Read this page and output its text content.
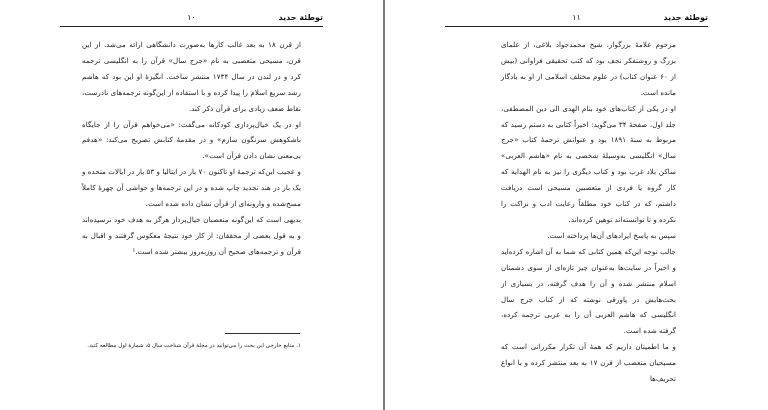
توطئة جدید
۱۰

از قرن ۱۸ به بعد غالب کارها به‌صورت دانشگاهی ارائه می‌شد. از این قرن، مسیحی متعصبی به نام «جرج سال» قرآن را به انگلیسی ترجمه کرد و در لندن در سال ۱۷۳۴ منتشر ساخت. انگیزهٔ او این بود که هاشم رشد سریع اسلام را پیدا کرده و با استفاده از این‌گونه ترجمه‌های نادرست، نقاط ضعف زیادی برای قرآن ذکر کند.

او در یک خیال‌پردازی کودکانه می‌گفت: «می‌خواهم قرآن را از جایگاه باشکوهش سرنگون سازم» و در مقدمهٔ کتابش تصریح می‌کند: «هدفم بی‌معنی نشان دادن قرآن است».

و عجیب این‌که ترجمهٔ او تاکنون ۷۰ بار در ایتالیا و ۵۳ بار در ایالات متحده و یک بار در هند تجدید چاپ شده و در این ترجمه‌ها و حواشی آن چهرهٔ کاملاً مسخ‌شده و وارونه‌ای از قرآن نشان داده شده است.

بدیهی است که این‌گونه متعصبان خیال‌پرداز هرگز به هدف خود نرسیده‌اند و به قول بعضی از محققان: از کار خود نتیجهٔ معکوس گرفتند و اقبال به قرآن و ترجمه‌های صحیح آن روزبه‌روز بیشتر شده است.¹

۱. منابع خارجی این بحث را می‌توانید در مجلهٔ قرآن شناخت سال ۵، شمارهٔ اول مطالعه کنید.
توطئة جدید
۱۱

مرحوم علامهٔ بزرگوار، شیخ محمدجواد بلاغی، از علمای بزرگ و روشنفکر نجف بود که کتب تحقیقی فراوانی (بیش از ۶۰ عنوان کتاب) در علوم مختلف اسلامی از او به یادگار مانده است.

او در یکی از کتاب‌های خود بنام الهدی الی دین المصطفی، جلد اول، صفحهٔ ۳۴ می‌گوید: اخیراً کتابی به دستم رسید که مربوط به سنهٔ ۱۸۹۱ بود و عنوانش ترجمهٔ کتاب «جرج سال» انگلیسی به‌وسیلهٔ شخصی به نام «هاشم العربی» ساکن بلاد غرب بود و کتاب دیگری را نیز به نام الهدایة که کار گروه یا فردی از متعصبین مسیحی است دریافت داشتم، که در کتاب خود مطلقاً رعایت ادب و نزاکت را نکرده و تا توانسته‌اند توهین کرده‌اند.

سپس به پاسخ ایرادهای آن‌ها پرداخته است.

جالب توجه این‌که همین کتابی که شما به آن اشاره کرده‌اید و اخیراً در سایت‌ها به‌عنوان چیز تازه‌ای از سوی دشمنان اسلام منتشر شده و آن را هدف گرفته، در بسیاری از بحث‌هایش در پاورقی نوشته که از کتاب جرج سال انگلیسی که هاشم العربی آن را به عربی ترجمه کرده، گرفته شده است.

و ما اطمینان داریم که همهٔ آن تکرار مکرراتی است که مسیحیان متعصب از قرن ۱۷ به بعد منتشر کرده و با انواع تحریف‌ها
